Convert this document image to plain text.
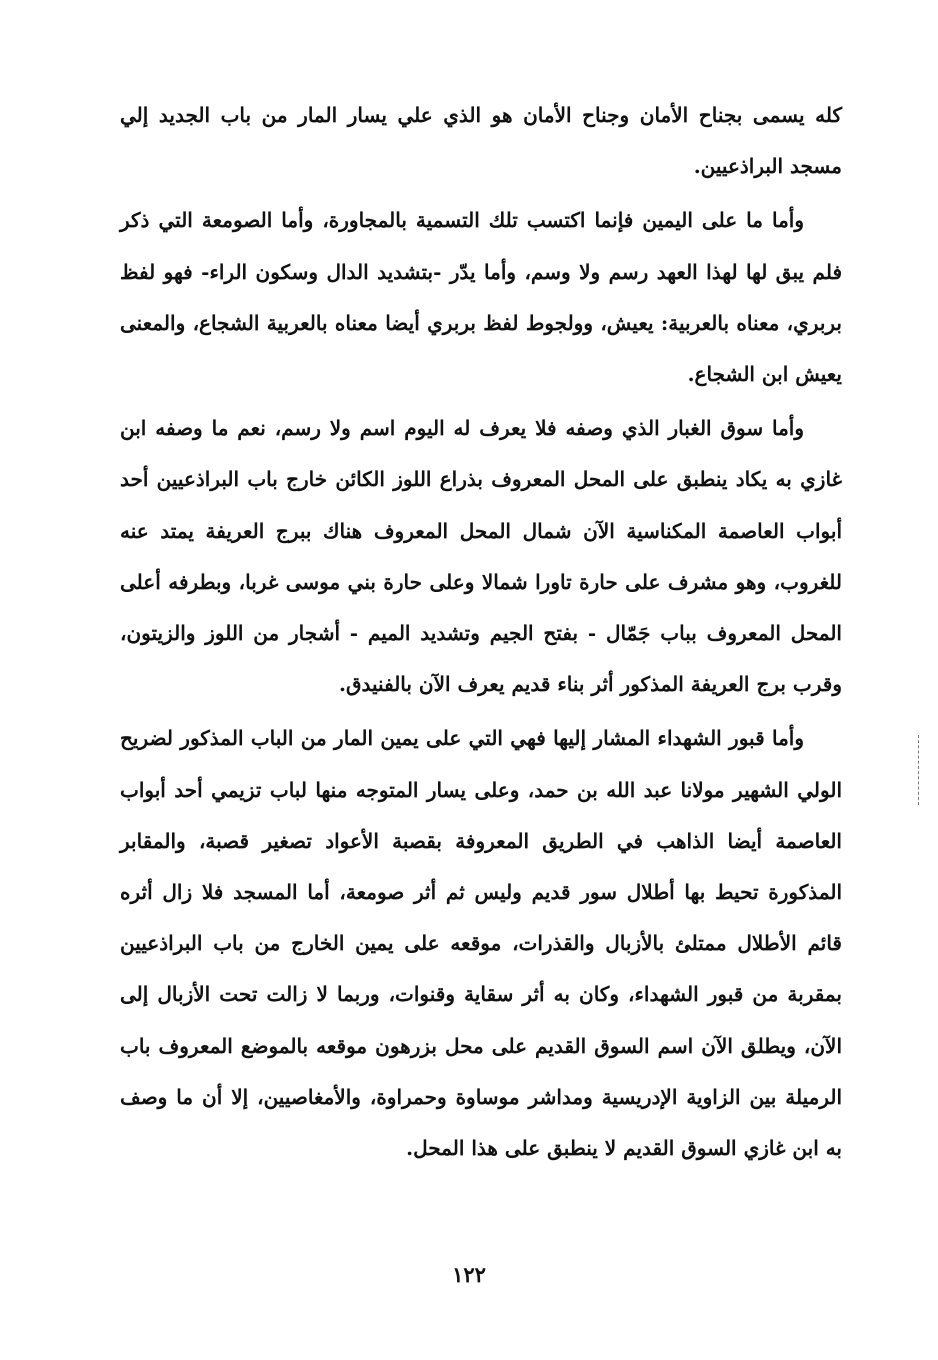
كله يسمى بجناح الأمان وجناح الأمان هو الذي علي يسار المار من باب الجديد إلي مسجد البراذعيين.

وأما ما على اليمين فإنما اكتسب تلك التسمية بالمجاورة، وأما الصومعة التي ذكر فلم يبق لها لهذا العهد رسم ولا وسم، وأما يدّر -بتشديد الدال وسكون الراء- فهو لفظ بربري، معناه بالعربية: يعيش، وولجوط لفظ بربري أيضا معناه بالعربية الشجاع، والمعنى يعيش ابن الشجاع.

وأما سوق الغبار الذي وصفه فلا يعرف له اليوم اسم ولا رسم، نعم ما وصفه ابن غازي به يكاد ينطبق على المحل المعروف بذراع اللوز الكائن خارج باب البراذعيين أحد أبواب العاصمة المكناسية الآن شمال المحل المعروف هناك ببرج العريفة يمتد عنه للغروب، وهو مشرف على حارة تاورا شمالا وعلى حارة بني موسى غربا، وبطرفه أعلى المحل المعروف بباب جَمّال - بفتح الجيم وتشديد الميم - أشجار من اللوز والزيتون، وقرب برج العريفة المذكور أثر بناء قديم يعرف الآن بالفنيدق.

وأما قبور الشهداء المشار إليها فهي التي على يمين المار من الباب المذكور لضريح الولي الشهير مولانا عبد الله بن حمد، وعلى يسار المتوجه منها لباب تزيمي أحد أبواب العاصمة أيضا الذاهب في الطريق المعروفة بقصبة الأعواد تصغير قصبة، والمقابر المذكورة تحيط بها أطلال سور قديم وليس ثم أثر صومعة، أما المسجد فلا زال أثره قائم الأطلال ممتلئ بالأزبال والقذرات، موقعه على يمين الخارج من باب البراذعيين بمقربة من قبور الشهداء، وكان به أثر سقاية وقنوات، وربما لا زالت تحت الأزبال إلى الآن، ويطلق الآن اسم السوق القديم على محل بزرهون موقعه بالموضع المعروف باب الرميلة بين الزاوية الإدريسية ومداشر موساوة وحمراوة، والأمغاصيين، إلا أن ما وصف به ابن غازي السوق القديم لا ينطبق على هذا المحل.

١٢٢
